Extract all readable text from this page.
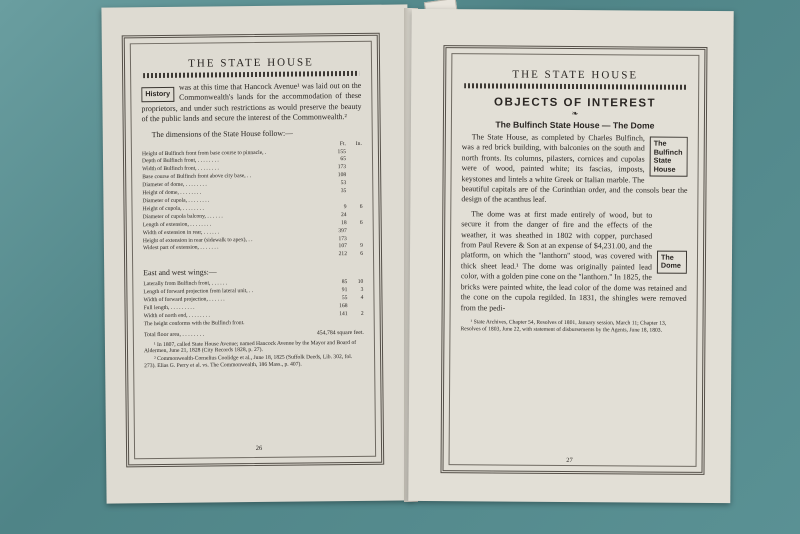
THE STATE HOUSE
History

was at this time that Hancock Avenue¹ was laid out on the Commonwealth's lands for the accommodation of these proprietors, and under such restrictions as would preserve the beauty of the public lands and secure the interest of the Commonwealth.²

The dimensions of the State House follow:—
	Ft.	In.
Height of Bulfinch front from base course to pinnacle, .	155	
Depth of Bulfinch front, . . . . . . . .	65	
Width of Bulfinch front, . . . . . . . .	173	
Base course of Bulfinch front above city base, . .	108	
Diameter of dome, . . . . . . . .	53	
Height of dome, . . . . . . . .	35	
Diameter of cupola, . . . . . . . .		
Height of cupola, . . . . . . . .	9	6
Diameter of cupola balcony, . . . . . .	24	
Length of extension, . . . . . . . .	18	6
Width of extension in rear, . . . . . .	397	
Height of extension in rear (sidewalk to apex), . .	173	
Widest part of extension, . . . . . . .	107	9
	212	6
East and west wings:—
Laterally from Bulfinch front, . . . . . .	85	10
Length of forward projection from lateral unit, . .	91	3
Width of forward projection, . . . . . .	55	4
Full length, . . . . . . . . .	168	
Width of north end, . . . . . . . .	141	2
The height conforms with the Bulfinch front.		
Total floor area, . . . . . . . .	454,784 square feet.

¹ In 1807, called State House Avenue; named Hancock Avenue by the Mayor and Board of Aldermen, June 21, 1828 (City Records 1828, p. 27).

² Commonwealth-Cornelius Coolidge et al., June 18, 1825 (Suffolk Deeds, Lib. 302, fol. 273). Elias G. Perry et al. vs. The Commonwealth, 186 Mass., p. 407).

26
THE STATE HOUSE
OBJECTS OF INTEREST
❧
The Bulfinch State House — The Dome
The Bulfinch State House

The State House, as completed by Charles Bulfinch, was a red brick building, with balconies on the south and north fronts. Its columns, pilasters, cornices and cupolas were of wood, painted white; its fascias, imposts, keystones and lintels a white Greek or Italian marble. The beautiful capitals are of the Corinthian order, and the consols bear the design of the acanthus leaf.

The Dome

The dome was at first made entirely of wood, but to secure it from the danger of fire and the effects of the weather, it was sheathed in 1802 with copper, purchased from Paul Revere & Son at an expense of $4,231.00, and the platform, on which the ''lanthorn'' stood, was covered with thick sheet lead.¹ The dome was originally painted lead color, with a golden pine cone on the ''lanthorn.'' In 1825, the bricks were painted white, the lead color of the dome was retained and the cone on the cupola regilded. In 1831, the shingles were removed from the pedi-

¹ State Archives, Chapter 54, Resolves of 1801, January session, March 11; Chapter 13, Resolves of 1803, June 22, with statement of disbursements by the Agents, June 18, 1803.

27
